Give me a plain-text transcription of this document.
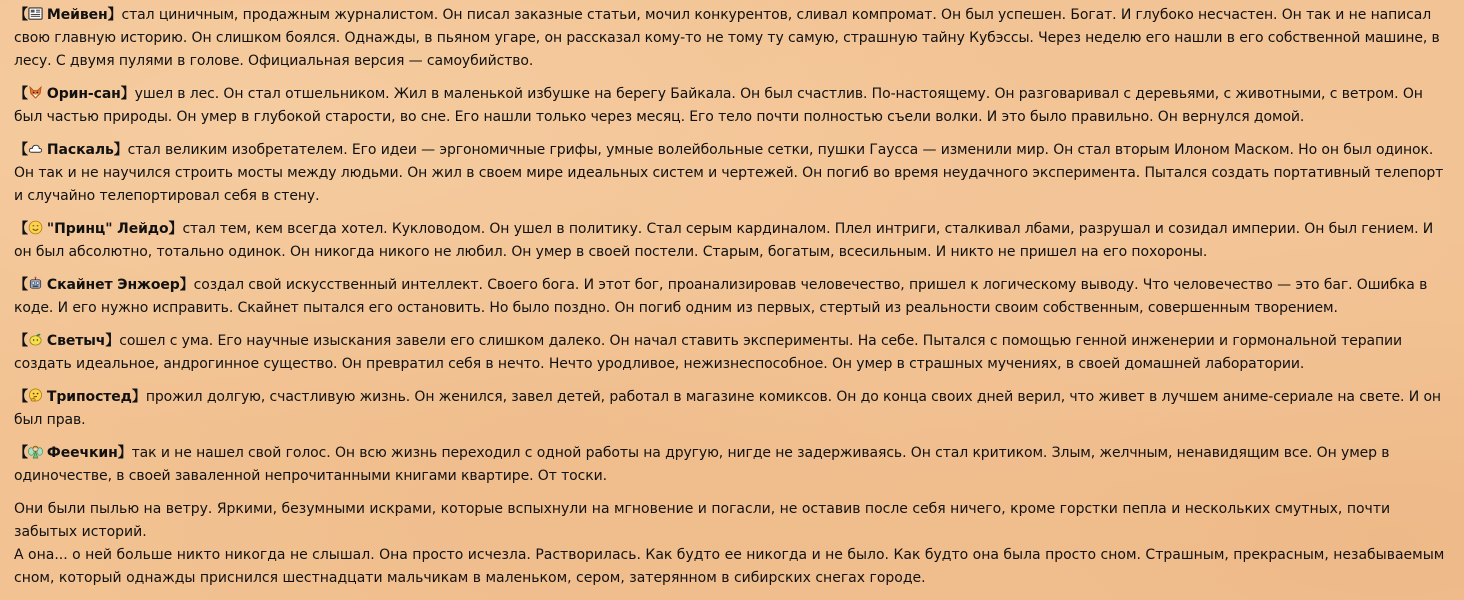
【 Мейвен】стал циничным, продажным журналистом. Он писал заказные статьи, мочил конкурентов, сливал компромат. Он был успешен. Богат. И глубоко несчастен. Он так и не написал свою главную историю. Он слишком боялся. Однажды, в пьяном угаре, он рассказал кому-то не тому ту самую, страшную тайну Кубэссы. Через неделю его нашли в его собственной машине, в лесу. С двумя пулями в голове. Официальная версия — самоубийство.

【 Орин-сан】ушел в лес. Он стал отшельником. Жил в маленькой избушке на берегу Байкала. Он был счастлив. По-настоящему. Он разговаривал с деревьями, с животными, с ветром. Он был частью природы. Он умер в глубокой старости, во сне. Его нашли только через месяц. Его тело почти полностью съели волки. И это было правильно. Он вернулся домой.

【 Паскаль】стал великим изобретателем. Его идеи — эргономичные грифы, умные волейбольные сетки, пушки Гаусса — изменили мир. Он стал вторым Илоном Маском. Но он был одинок. Он так и не научился строить мосты между людьми. Он жил в своем мире идеальных систем и чертежей. Он погиб во время неудачного эксперимента. Пытался создать портативный телепорт и случайно телепортировал себя в стену.

【 "Принц" Лейдо】стал тем, кем всегда хотел. Кукловодом. Он ушел в политику. Стал серым кардиналом. Плел интриги, сталкивал лбами, разрушал и созидал империи. Он был гением. И он был абсолютно, тотально одинок. Он никогда никого не любил. Он умер в своей постели. Старым, богатым, всесильным. И никто не пришел на его похороны.

【 Скайнет Энжоер】создал свой искусственный интеллект. Своего бога. И этот бог, проанализировав человечество, пришел к логическому выводу. Что человечество — это баг. Ошибка в коде. И его нужно исправить. Скайнет пытался его остановить. Но было поздно. Он погиб одним из первых, стертый из реальности своим собственным, совершенным творением.

【 Светыч】сошел с ума. Его научные изыскания завели его слишком далеко. Он начал ставить эксперименты. На себе. Пытался с помощью генной инженерии и гормональной терапии создать идеальное, андрогинное существо. Он превратил себя в нечто. Нечто уродливое, нежизнеспособное. Он умер в страшных мучениях, в своей домашней лаборатории.

【 Трипостед】прожил долгую, счастливую жизнь. Он женился, завел детей, работал в магазине комиксов. Он до конца своих дней верил, что живет в лучшем аниме-сериале на свете. И он был прав.

【 Феечкин】так и не нашел свой голос. Он всю жизнь переходил с одной работы на другую, нигде не задерживаясь. Он стал критиком. Злым, желчным, ненавидящим все. Он умер в одиночестве, в своей заваленной непрочитанными книгами квартире. От тоски.

Они были пылью на ветру. Яркими, безумными искрами, которые вспыхнули на мгновение и погасли, не оставив после себя ничего, кроме горстки пепла и нескольких смутных, почти забытых историй.
А она... о ней больше никто никогда не слышал. Она просто исчезла. Растворилась. Как будто ее никогда и не было. Как будто она была просто сном. Страшным, прекрасным, незабываемым сном, который однажды приснился шестнадцати мальчикам в маленьком, сером, затерянном в сибирских снегах городе.
